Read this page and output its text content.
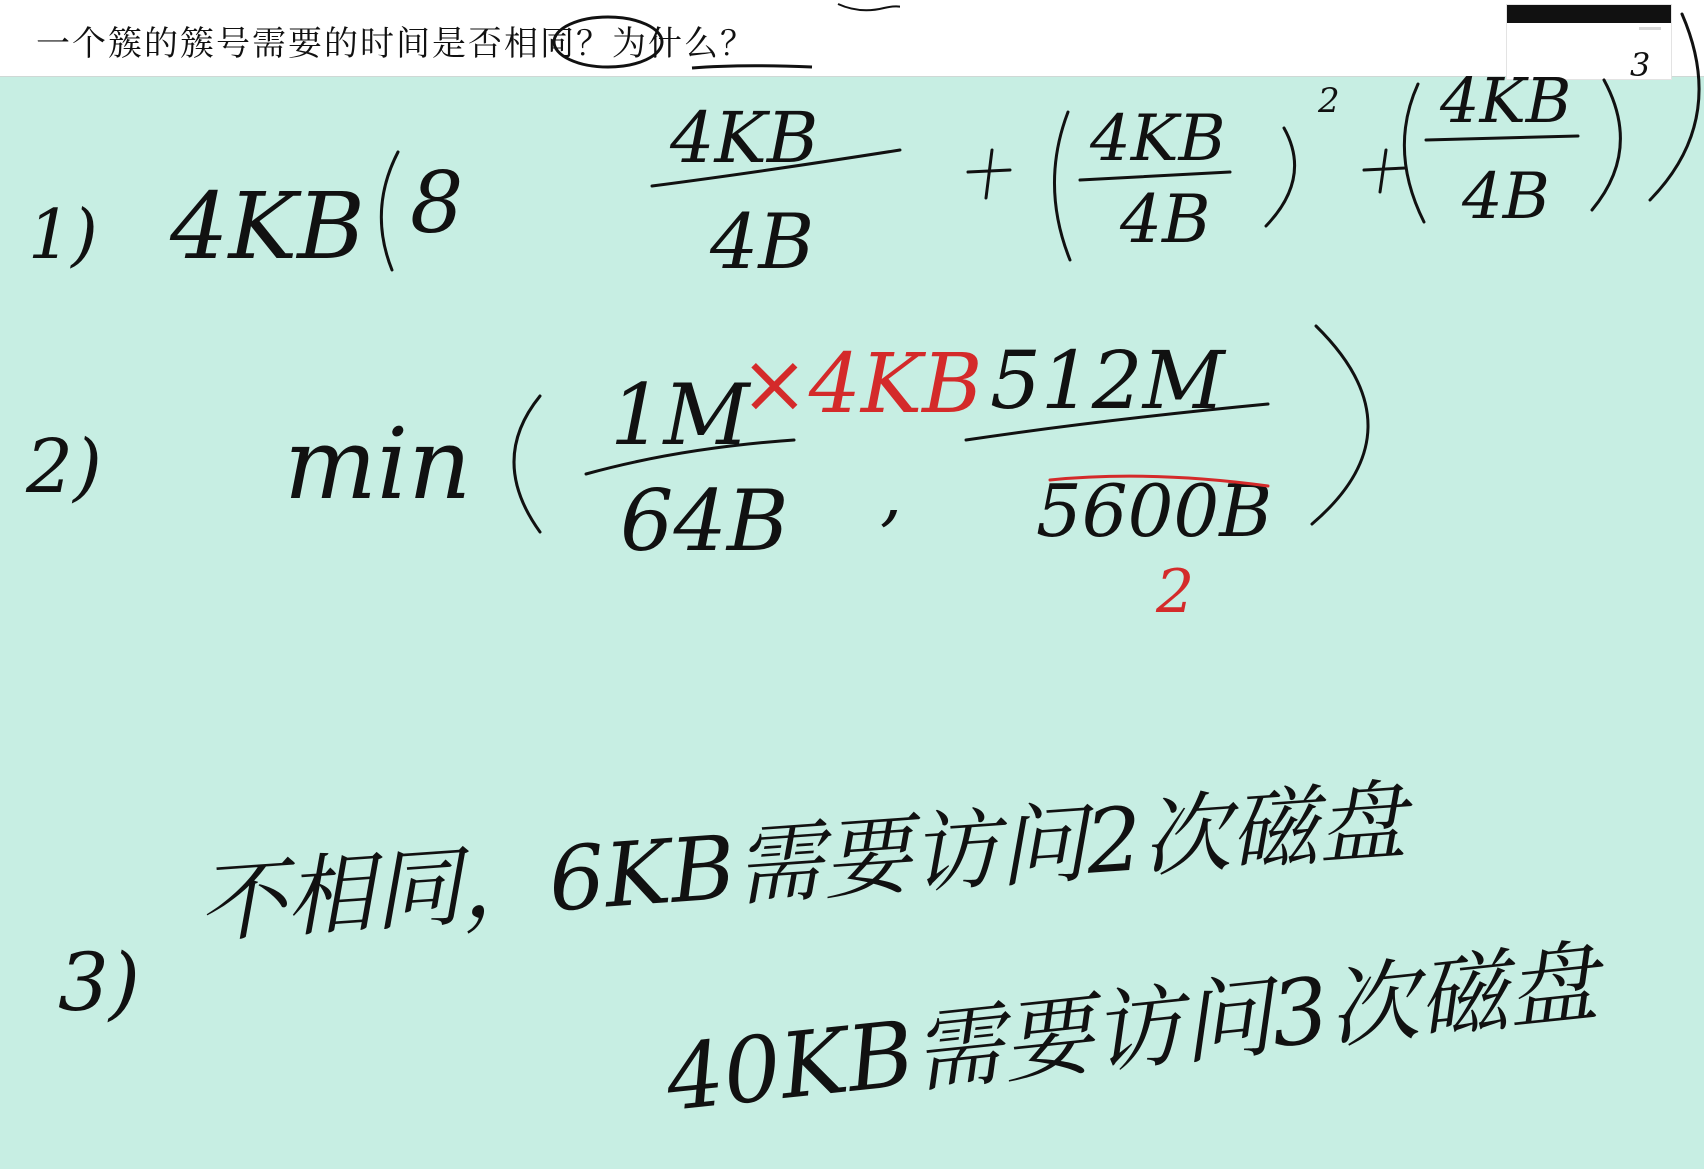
一个簇的簇号需要的时间是否相同？为什么？
1) 4KB 8
4KB
4B
4KB
4B
2 4KB
4B
3
2) min 1M
64B
512M
5600B
,
3)
不相同，6KB需要访问2次磁盘
40KB需要访问3次磁盘
×4KB
2
